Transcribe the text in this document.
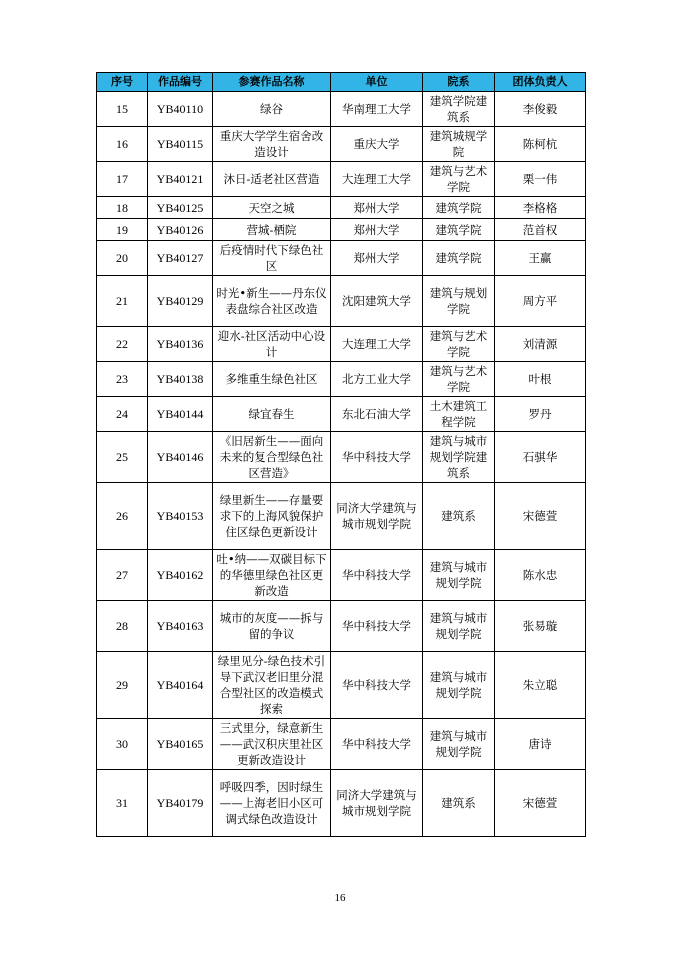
序号	作品编号	参赛作品名称	单位	院系	团体负责人
15	YB40110	绿谷	华南理工大学	建筑学院建筑系	李俊毅
16	YB40115	重庆大学学生宿舍改造设计	重庆大学	建筑城规学院	陈柯杭
17	YB40121	沐日-适老社区营造	大连理工大学	建筑与艺术学院	栗一伟
18	YB40125	天空之城	郑州大学	建筑学院	李格格
19	YB40126	营城-栖院	郑州大学	建筑学院	范首权
20	YB40127	后疫情时代下绿色社区	郑州大学	建筑学院	王赢
21	YB40129	时光•新生——丹东仪表盘综合社区改造	沈阳建筑大学	建筑与规划学院	周方平
22	YB40136	迎水-社区活动中心设计	大连理工大学	建筑与艺术学院	刘清源
23	YB40138	多维重生绿色社区	北方工业大学	建筑与艺术学院	叶根
24	YB40144	绿宜春生	东北石油大学	土木建筑工程学院	罗丹
25	YB40146	《旧居新生——面向未来的复合型绿色社区营造》	华中科技大学	建筑与城市规划学院建筑系	石骐华
26	YB40153	绿里新生——存量要求下的上海风貌保护住区绿色更新设计	同济大学建筑与城市规划学院	建筑系	宋德萱
27	YB40162	吐•纳——双碳目标下的华德里绿色社区更新改造	华中科技大学	建筑与城市规划学院	陈水忠
28	YB40163	城市的灰度——拆与留的争议	华中科技大学	建筑与城市规划学院	张易璇
29	YB40164	绿里见分-绿色技术引导下武汉老旧里分混合型社区的改造模式探索	华中科技大学	建筑与城市规划学院	朱立聪
30	YB40165	三式里分，绿意新生——武汉积庆里社区更新改造设计	华中科技大学	建筑与城市规划学院	唐诗
31	YB40179	呼吸四季，因时绿生——上海老旧小区可调式绿色改造设计	同济大学建筑与城市规划学院	建筑系	宋德萱
16
